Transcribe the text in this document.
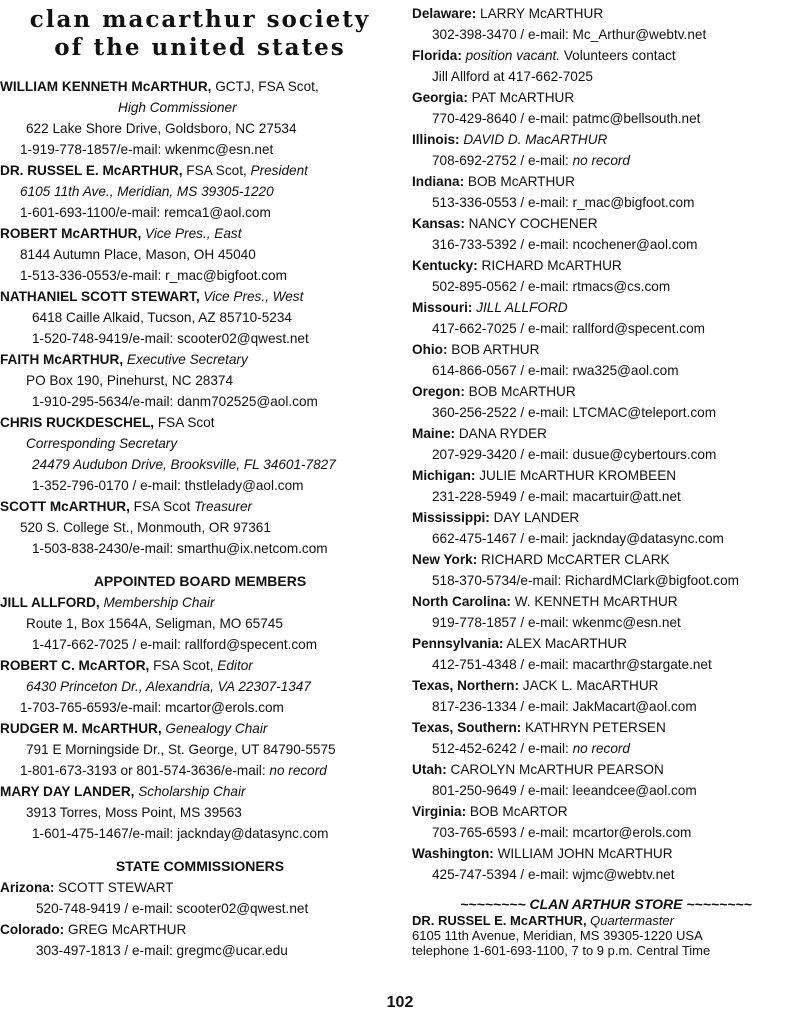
clan macarthur society
of the united states
WILLIAM KENNETH McARTHUR, GCTJ, FSA Scot,
High Commissioner
622 Lake Shore Drive, Goldsboro, NC 27534
1-919-778-1857/e-mail: wkenmc@esn.net
DR. RUSSEL E. McARTHUR, FSA Scot, President
6105 11th Ave., Meridian, MS 39305-1220
1-601-693-1100/e-mail: remca1@aol.com
ROBERT McARTHUR, Vice Pres., East
8144 Autumn Place, Mason, OH 45040
1-513-336-0553/e-mail: r_mac@bigfoot.com
NATHANIEL SCOTT STEWART, Vice Pres., West
6418 Caille Alkaid, Tucson, AZ 85710-5234
1-520-748-9419/e-mail: scooter02@qwest.net
FAITH McARTHUR, Executive Secretary
PO Box 190, Pinehurst, NC 28374
1-910-295-5634/e-mail: danm702525@aol.com
CHRIS RUCKDESCHEL, FSA Scot
Corresponding Secretary
24479 Audubon Drive, Brooksville, FL 34601-7827
1-352-796-0170 / e-mail: thstlelady@aol.com
SCOTT McARTHUR, FSA Scot Treasurer
520 S. College St., Monmouth, OR 97361
1-503-838-2430/e-mail: smarthu@ix.netcom.com
APPOINTED BOARD MEMBERS
JILL ALLFORD, Membership Chair
Route 1, Box 1564A, Seligman, MO 65745
1-417-662-7025 / e-mail: rallford@specent.com
ROBERT C. McARTOR, FSA Scot, Editor
6430 Princeton Dr., Alexandria, VA 22307-1347
1-703-765-6593/e-mail: mcartor@erols.com
RUDGER M. McARTHUR, Genealogy Chair
791 E Morningside Dr., St. George, UT 84790-5575
1-801-673-3193 or 801-574-3636/e-mail: no record
MARY DAY LANDER, Scholarship Chair
3913 Torres, Moss Point, MS 39563
1-601-475-1467/e-mail: jacknday@datasync.com
STATE COMMISSIONERS
Arizona: SCOTT STEWART
520-748-9419 / e-mail: scooter02@qwest.net
Colorado: GREG McARTHUR
303-497-1813 / e-mail: gregmc@ucar.edu
Delaware: LARRY McARTHUR
302-398-3470 / e-mail: Mc_Arthur@webtv.net
Florida: position vacant. Volunteers contact
Jill Allford at 417-662-7025
Georgia: PAT McARTHUR
770-429-8640 / e-mail: patmc@bellsouth.net
Illinois: DAVID D. MacARTHUR
708-692-2752 / e-mail: no record
Indiana: BOB McARTHUR
513-336-0553 / e-mail: r_mac@bigfoot.com
Kansas: NANCY COCHENER
316-733-5392 / e-mail: ncochener@aol.com
Kentucky: RICHARD McARTHUR
502-895-0562 / e-mail: rtmacs@cs.com
Missouri: JILL ALLFORD
417-662-7025 / e-mail: rallford@specent.com
Ohio: BOB ARTHUR
614-866-0567 / e-mail: rwa325@aol.com
Oregon: BOB McARTHUR
360-256-2522 / e-mail: LTCMAC@teleport.com
Maine: DANA RYDER
207-929-3420 / e-mail: dusue@cybertours.com
Michigan: JULIE McARTHUR KROMBEEN
231-228-5949 / e-mail: macartuir@att.net
Mississippi: DAY LANDER
662-475-1467 / e-mail: jacknday@datasync.com
New York: RICHARD McCARTER CLARK
518-370-5734/e-mail: RichardMClark@bigfoot.com
North Carolina: W. KENNETH McARTHUR
919-778-1857 / e-mail: wkenmc@esn.net
Pennsylvania: ALEX MacARTHUR
412-751-4348 / e-mail: macarthr@stargate.net
Texas, Northern: JACK L. MacARTHUR
817-236-1334 / e-mail: JakMacart@aol.com
Texas, Southern: KATHRYN PETERSEN
512-452-6242 / e-mail: no record
Utah: CAROLYN McARTHUR PEARSON
801-250-9649 / e-mail: leeandcee@aol.com
Virginia: BOB McARTOR
703-765-6593 / e-mail: mcartor@erols.com
Washington: WILLIAM JOHN McARTHUR
425-747-5394 / e-mail: wjmc@webtv.net
~~~~~~~~ CLAN ARTHUR STORE ~~~~~~~~
DR. RUSSEL E. McARTHUR, Quartermaster
6105 11th Avenue, Meridian, MS 39305-1220 USA
telephone 1-601-693-1100, 7 to 9 p.m. Central Time
102
